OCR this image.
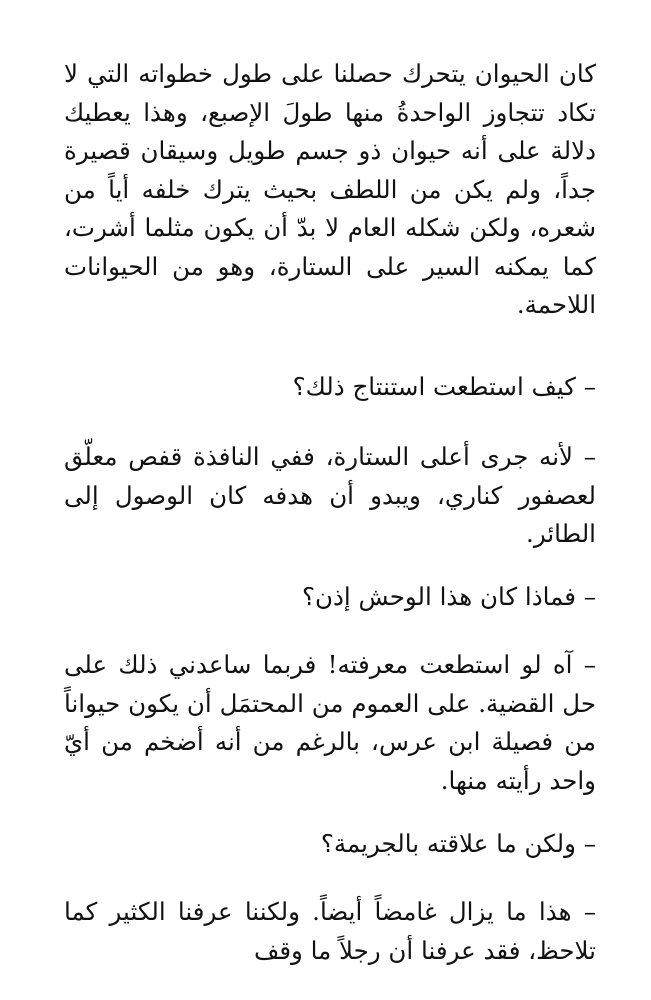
كان الحيوان يتحرك حصلنا على طول خطواته التي لا تكاد تتجاوز الواحدةُ منها طولَ الإصبع، وهذا يعطيك دلالة على أنه حيوان ذو جسم طويل وسيقان قصيرة جداً، ولم يكن من اللطف بحيث يترك خلفه أياً من شعره، ولكن شكله العام لا بدّ أن يكون مثلما أشرت، كما يمكنه السير على الستارة، وهو من الحيوانات اللاحمة.

– كيف استطعت استنتاج ذلك؟

– لأنه جرى أعلى الستارة، ففي النافذة قفص معلّق لعصفور كناري، ويبدو أن هدفه كان الوصول إلى الطائر.

– فماذا كان هذا الوحش إذن؟

– آه لو استطعت معرفته! فربما ساعدني ذلك على حل القضية. على العموم من المحتمَل أن يكون حيواناً من فصيلة ابن عرس، بالرغم من أنه أضخم من أيّ واحد رأيته منها.

– ولكن ما علاقته بالجريمة؟

– هذا ما يزال غامضاً أيضاً. ولكننا عرفنا الكثير كما تلاحظ، فقد عرفنا أن رجلاً ما وقف
